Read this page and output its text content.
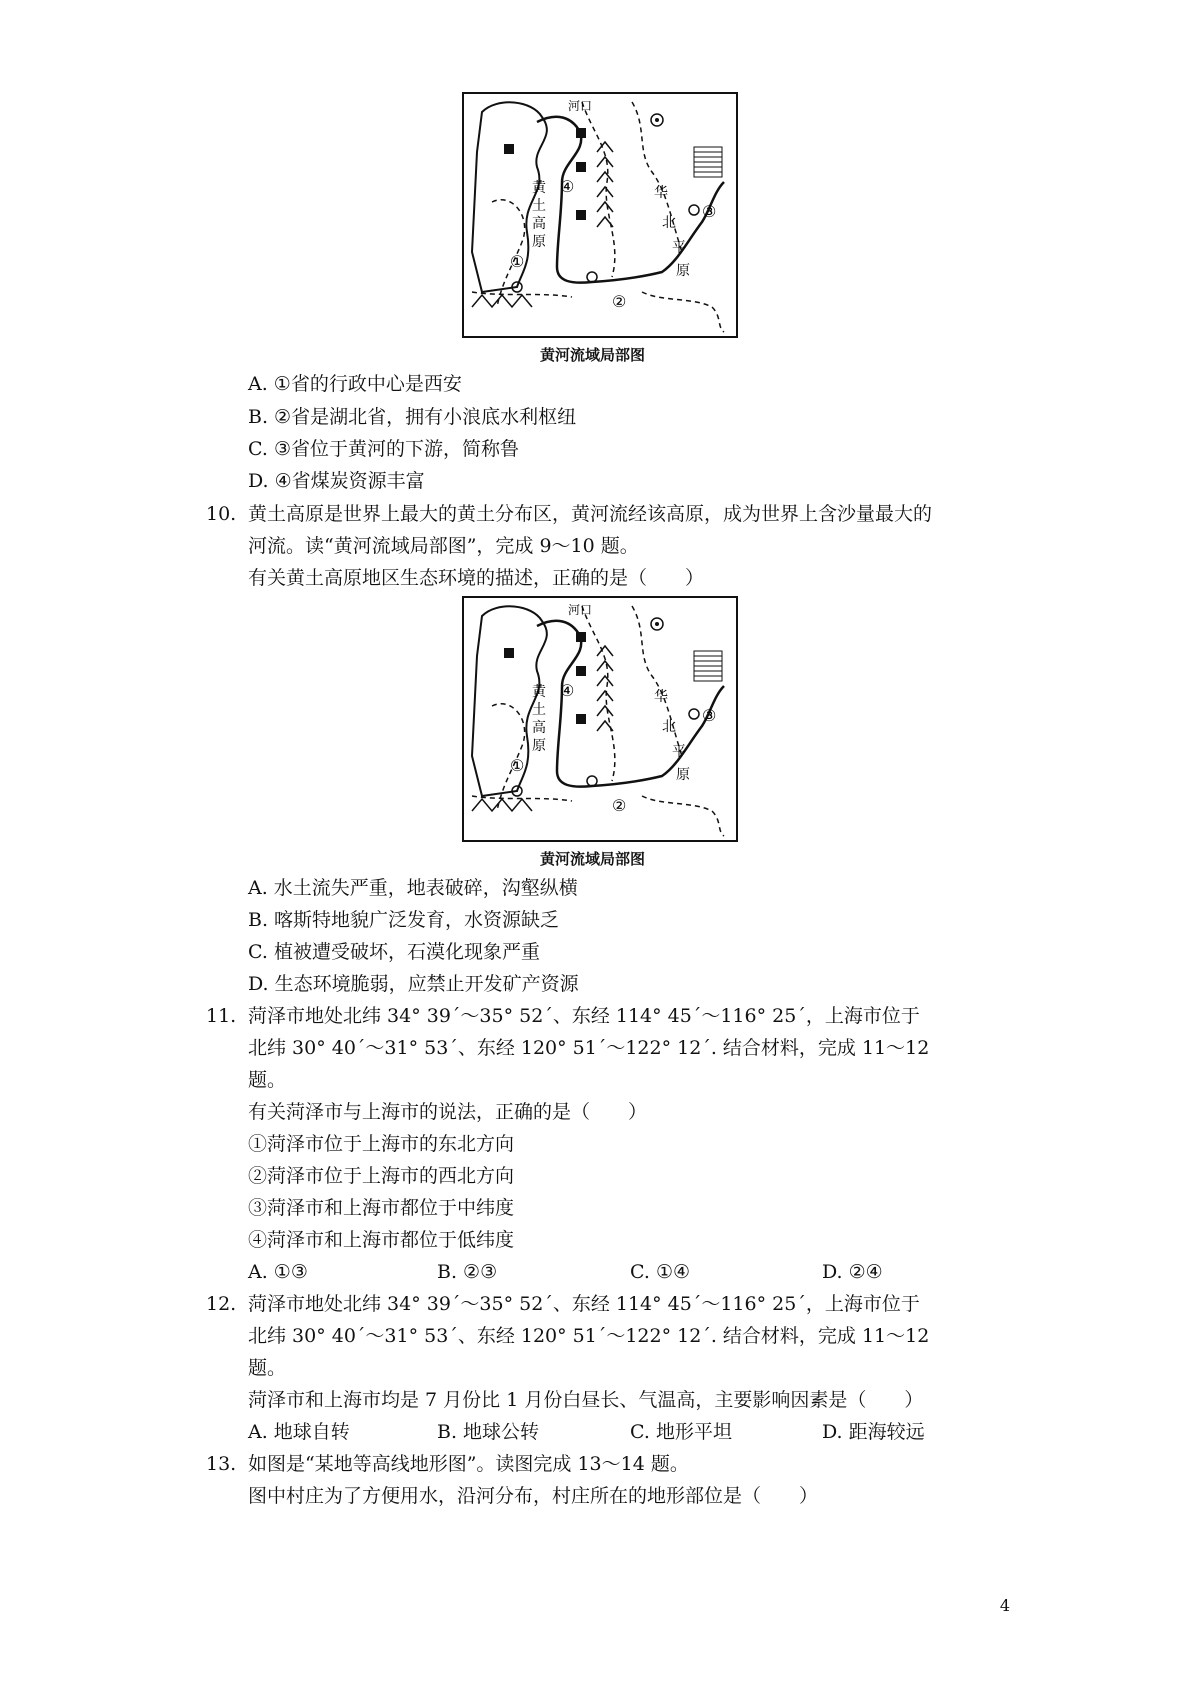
河口
黄
土
高
原
华
北
平
原
①
②
③
④
黄河流域局部图
A. ①省的行政中心是西安
B. ②省是湖北省，拥有小浪底水利枢纽
C. ③省位于黄河的下游，简称鲁
D. ④省煤炭资源丰富
10. 黄土高原是世界上最大的黄土分布区，黄河流经该高原，成为世界上含沙量最大的
河流。读“黄河流域局部图”，完成 9～10 题。
有关黄土高原地区生态环境的描述，正确的是（　　）
河口
黄
土
高
原
华
北
平
原
①
②
③
④
黄河流域局部图
A. 水土流失严重，地表破碎，沟壑纵横
B. 喀斯特地貌广泛发育，水资源缺乏
C. 植被遭受破坏，石漠化现象严重
D. 生态环境脆弱，应禁止开发矿产资源
11. 菏泽市地处北纬 34° 39´～35° 52´、东经 114° 45´～116° 25´，上海市位于
北纬 30° 40´～31° 53´、东经 120° 51´～122° 12´. 结合材料，完成 11～12
题。
有关菏泽市与上海市的说法，正确的是（　　）
①菏泽市位于上海市的东北方向
②菏泽市位于上海市的西北方向
③菏泽市和上海市都位于中纬度
④菏泽市和上海市都位于低纬度
A. ①③	B. ②③	C. ①④	D. ②④
12. 菏泽市地处北纬 34° 39´～35° 52´、东经 114° 45´～116° 25´，上海市位于
北纬 30° 40´～31° 53´、东经 120° 51´～122° 12´. 结合材料，完成 11～12
题。
菏泽市和上海市均是 7 月份比 1 月份白昼长、气温高，主要影响因素是（　　）
A. 地球自转	B. 地球公转	C. 地形平坦	D. 距海较远
13. 如图是“某地等高线地形图”。读图完成 13～14 题。
图中村庄为了方便用水，沿河分布，村庄所在的地形部位是（　　）
4
